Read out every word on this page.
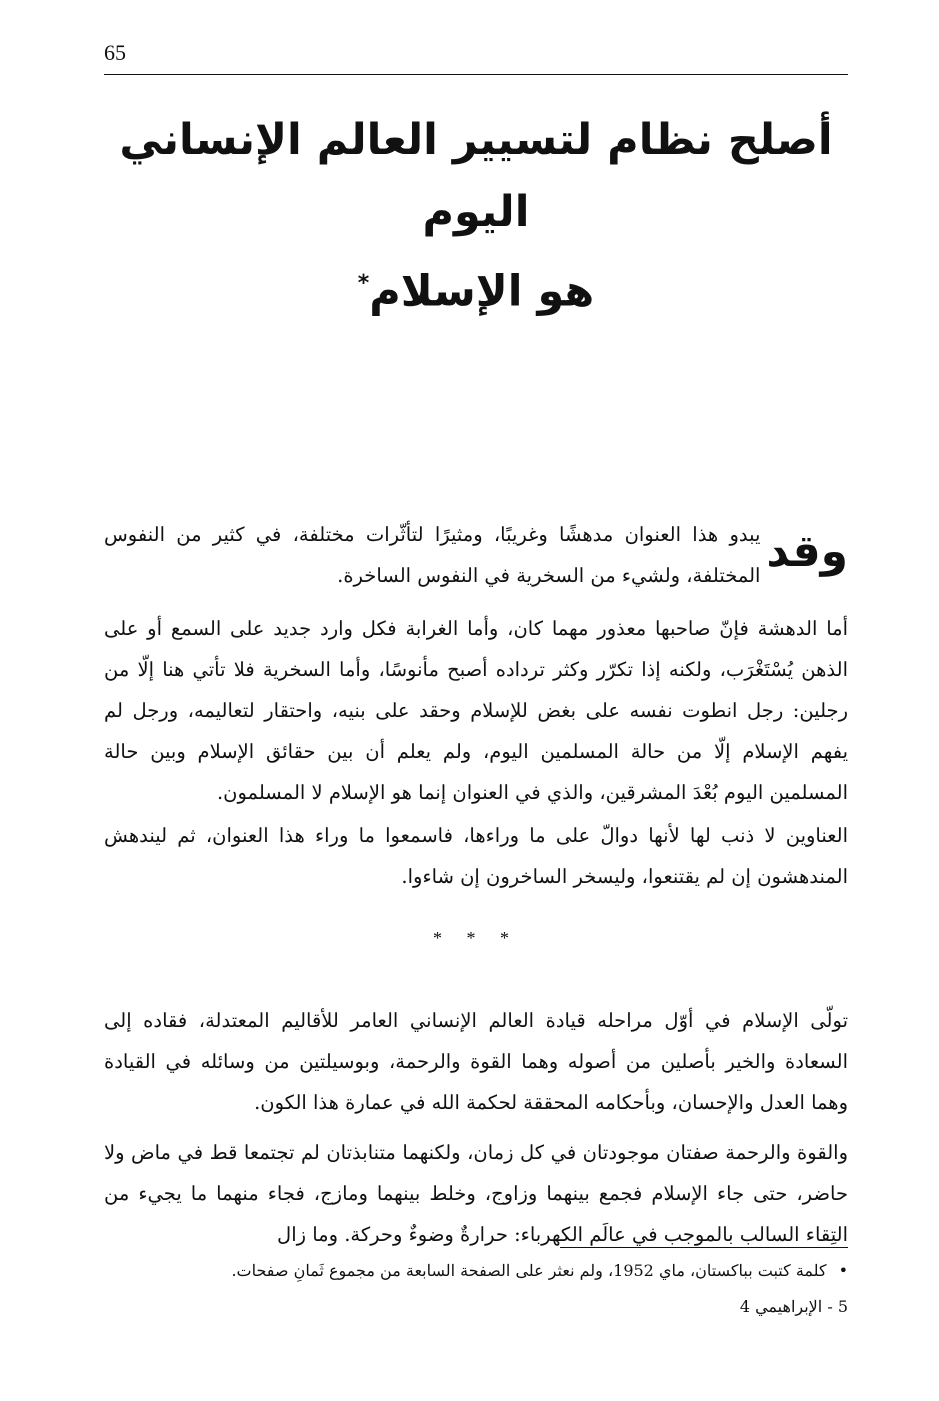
65
أصلح نظام لتسيير العالم الإنساني اليوم
هو الإسلام*

وقد
يبدو هذا العنوان مدهشًا وغريبًا، ومثيرًا لتأثّرات مختلفة، في كثير من النفوس المختلفة، ولشيء من السخرية في النفوس الساخرة.

أما الدهشة فإنّ صاحبها معذور مهما كان، وأما الغرابة فكل وارد جديد على السمع أو على الذهن يُسْتَغْرَب، ولكنه إذا تكرّر وكثر ترداده أصبح مأنوسًا، وأما السخرية فلا تأتي هنا إلّا من رجلين: رجل انطوت نفسه على بغض للإسلام وحقد على بنيه، واحتقار لتعاليمه، ورجل لم يفهم الإسلام إلّا من حالة المسلمين اليوم، ولم يعلم أن بين حقائق الإسلام وبين حالة المسلمين اليوم بُعْدَ المشرقين، والذي في العنوان إنما هو الإسلام لا المسلمون.

العناوين لا ذنب لها لأنها دوالّ على ما وراءها، فاسمعوا ما وراء هذا العنوان، ثم ليندهش المندهشون إن لم يقتنعوا، وليسخر الساخرون إن شاءوا.

* * *

تولّى الإسلام في أوّل مراحله قيادة العالم الإنساني العامر للأقاليم المعتدلة، فقاده إلى السعادة والخير بأصلين من أصوله وهما القوة والرحمة، وبوسيلتين من وسائله في القيادة وهما العدل والإحسان، وبأحكامه المحققة لحكمة الله في عمارة هذا الكون.

والقوة والرحمة صفتان موجودتان في كل زمان، ولكنهما متنابذتان لم تجتمعا قط في ماض ولا حاضر، حتى جاء الإسلام فجمع بينهما وزاوج، وخلط بينهما ومازج، فجاء منهما ما يجيء من التِقاء السالب بالموجب في عالَم الكهرباء: حرارةٌ وضوءٌ وحركة. وما زال

•كلمة كتبت بباكستان، ماي 1952، ولم نعثر على الصفحة السابعة من مجموع ثَمانِ صفحات.

5 - الإبراهيمي 4
